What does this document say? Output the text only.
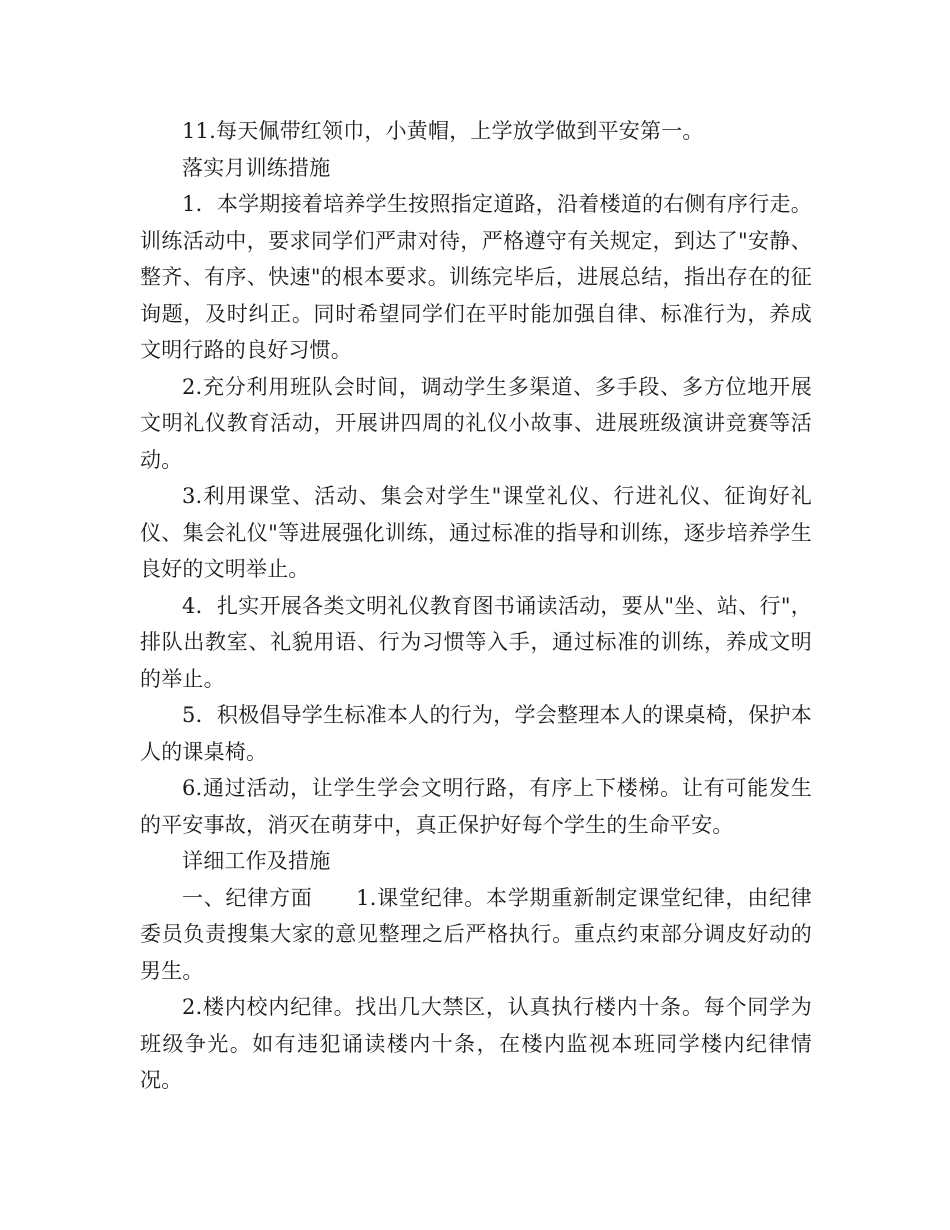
11.每天佩带红领巾，小黄帽，上学放学做到平安第一。

落实月训练措施

1．本学期接着培养学生按照指定道路，沿着楼道的右侧有序行走。训练活动中，要求同学们严肃对待，严格遵守有关规定，到达了"安静、整齐、有序、快速"的根本要求。训练完毕后，进展总结，指出存在的征询题，及时纠正。同时希望同学们在平时能加强自律、标准行为，养成文明行路的良好习惯。

2.充分利用班队会时间，调动学生多渠道、多手段、多方位地开展文明礼仪教育活动，开展讲四周的礼仪小故事、进展班级演讲竞赛等活动。

3.利用课堂、活动、集会对学生"课堂礼仪、行进礼仪、征询好礼仪、集会礼仪"等进展强化训练，通过标准的指导和训练，逐步培养学生良好的文明举止。

4．扎实开展各类文明礼仪教育图书诵读活动，要从"坐、站、行"，排队出教室、礼貌用语、行为习惯等入手，通过标准的训练，养成文明的举止。

5．积极倡导学生标准本人的行为，学会整理本人的课桌椅，保护本人的课桌椅。

6.通过活动，让学生学会文明行路，有序上下楼梯。让有可能发生的平安事故，消灭在萌芽中，真正保护好每个学生的生命平安。

详细工作及措施

一、纪律方面　　1.课堂纪律。本学期重新制定课堂纪律，由纪律委员负责搜集大家的意见整理之后严格执行。重点约束部分调皮好动的男生。

2.楼内校内纪律。找出几大禁区，认真执行楼内十条。每个同学为班级争光。如有违犯诵读楼内十条，在楼内监视本班同学楼内纪律情况。
